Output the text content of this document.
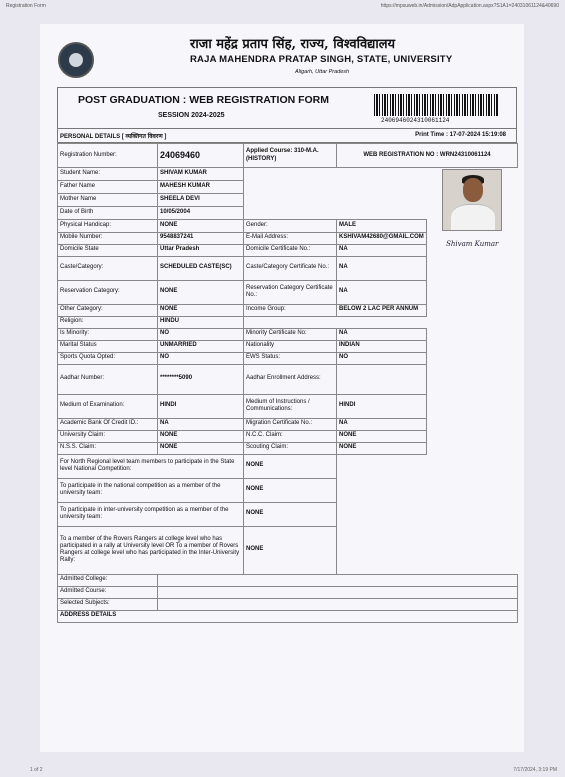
Registration Form	https://mpsuweb.in/Admission/AdpApplication.aspx?S1A1=24031061124&40690
राजा महेंद्र प्रताप सिंह, राज्य, विश्वविद्यालय
RAJA MAHENDRA PRATAP SINGH, STATE, UNIVERSITY
Aligarh, Uttar Pradesh
POST GRADUATION : WEB REGISTRATION FORM
SESSION 2024-2025
2406946024310061124
PERSONAL DETAILS [ व्यक्तिगत विवरण ]	Print Time : 17-07-2024 15:19:08
Registration Number:	24069460	Applied Course: 310-M.A. (HISTORY)	WEB REGISTRATION NO : WRN24310061124	
Student Name:	SHIVAM KUMAR			

Father Name	MAHESH KUMAR			
Mother Name	SHEELA DEVI			
Date of Birth	10/05/2004			
Physical Handicap:	NONE	Gender:	MALE	
Mobile Number:	9548837241	E-Mail Address:	KSHIVAM42680@GMAIL.COM	Shivam Kumar

Domicile State	Uttar Pradesh	Domicile Certificate No.:	NA	
Caste/Category:	SCHEDULED CASTE(SC)	Caste/Category Certificate No.:	NA	
Reservation Category:	NONE	Reservation Category Certificate No.:	NA	
Other Category:	NONE	Income Group:	BELOW 2 LAC PER ANNUM	
Religion:	HINDU			
Is Minority:	NO	Minority Certificate No:	NA	
Marital Status	UNMARRIED	Nationality	INDIAN	
Sports Quota Opted:	NO	EWS Status:	NO	
Aadhar Number:	********5090	Aadhar Enrollment Address:		
Medium of Examination:	HINDI	Medium of Instructions / Communications:	HINDI	
Academic Bank Of Credit ID.:	NA	Migration Certificate No.:	NA	
University Claim:	NONE	N.C.C. Claim:	NONE	
N.S.S. Claim:	NONE	Scouting Claim:	NONE	
For North Regional level team members to participate in the State level National Competition:		NONE		
To participate in the national competition as a member of the university team:		NONE		
To participate in inter-university competition as a member of the university team:		NONE		
To a member of the Rovers Rangers at college level who has participated in a rally at University level OR To a member of Rovers Rangers at college level who has participated in the Inter-University Rally:		NONE		
Admitted College:				
Admitted Course:				
Selected Subjects:				
ADDRESS DETAILS				
1 of 2	7/17/2024, 3:19 PM
